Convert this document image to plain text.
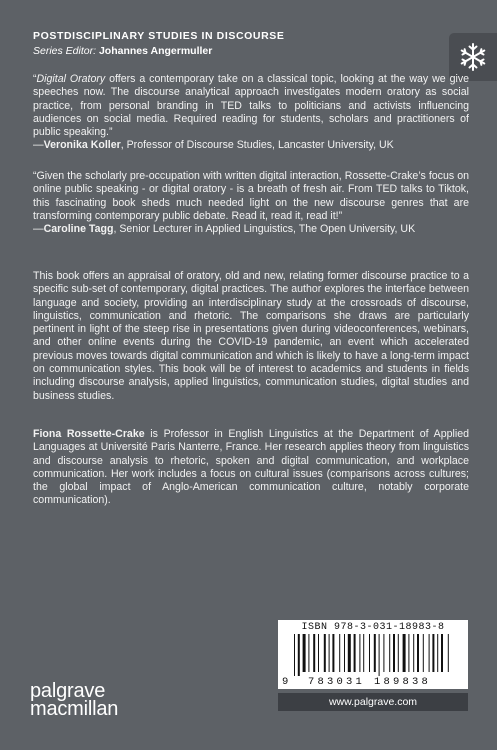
POSTDISCIPLINARY STUDIES IN DISCOURSE
Series Editor: Johannes Angermuller

“Digital Oratory offers a contemporary take on a classical topic, looking at the way we give speeches now. The discourse analytical approach investigates modern oratory as social practice, from personal branding in TED talks to politicians and activists influencing audiences on social media. Required reading for students, scholars and practitioners of public speaking.”

—Veronika Koller, Professor of Discourse Studies, Lancaster University, UK

“Given the scholarly pre-occupation with written digital interaction, Rossette-Crake’s focus on online public speaking - or digital oratory - is a breath of fresh air. From TED talks to Tiktok, this fascinating book sheds much needed light on the new discourse genres that are transforming contemporary public debate. Read it, read it, read it!”

—Caroline Tagg, Senior Lecturer in Applied Linguistics, The Open University, UK

This book offers an appraisal of oratory, old and new, relating former discourse practice to a specific sub-set of contemporary, digital practices. The author explores the interface between language and society, providing an interdisciplinary study at the crossroads of discourse, linguistics, communication and rhetoric. The comparisons she draws are particularly pertinent in light of the steep rise in presentations given during videoconferences, webinars, and other online events during the COVID-19 pandemic, an event which accelerated previous moves towards digital communication and which is likely to have a long-term impact on communication styles. This book will be of interest to academics and students in fields including discourse analysis, applied linguistics, communication studies, digital studies and business studies.

Fiona Rossette-Crake is Professor in English Linguistics at the Department of Applied Languages at Université Paris Nanterre, France. Her research applies theory from linguistics and discourse analysis to rhetoric, spoken and digital communication, and workplace communication. Her work includes a focus on cultural issues (comparisons across cultures; the global impact of Anglo-American communication culture, notably corporate communication).

ISBN 978-3-031-18983-8
9 783031 189838
www.palgrave.com
palgrave
macmillan
